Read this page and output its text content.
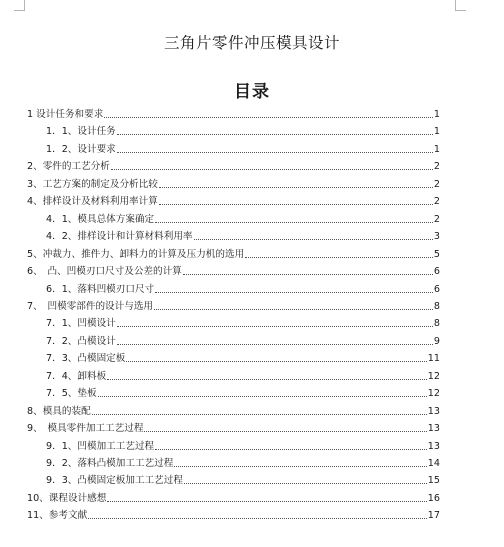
三角片零件冲压模具设计
目录
1 设计任务和要求	1
1．1、设计任务	1
1．2、设计要求	1
2、零件的工艺分析	2
3、工艺方案的制定及分析比较	2
4、排样设计及材料利用率计算	2
4．1、模具总体方案确定	2
4．2、排样设计和计算材料利用率	3
5、冲裁力、推件力、卸料力的计算及压力机的选用	5
6、　凸、凹模刃口尺寸及公差的计算	6
6．1、落料凹模刃口尺寸	6
7、　凹模零部件的设计与选用	8
7．1、凹模设计	8
7．2、凸模设计	9
7．3、凸模固定板	11
7．4、卸料板	12
7．5、垫板	12
8、模具的装配	13
9、　模具零件加工工艺过程	13
9．1、凹模加工工艺过程	13
9．2、落料凸模加工工艺过程	14
9．3、凸模固定板加工工艺过程	15
10、课程设计感想	16
11、参考文献	17
